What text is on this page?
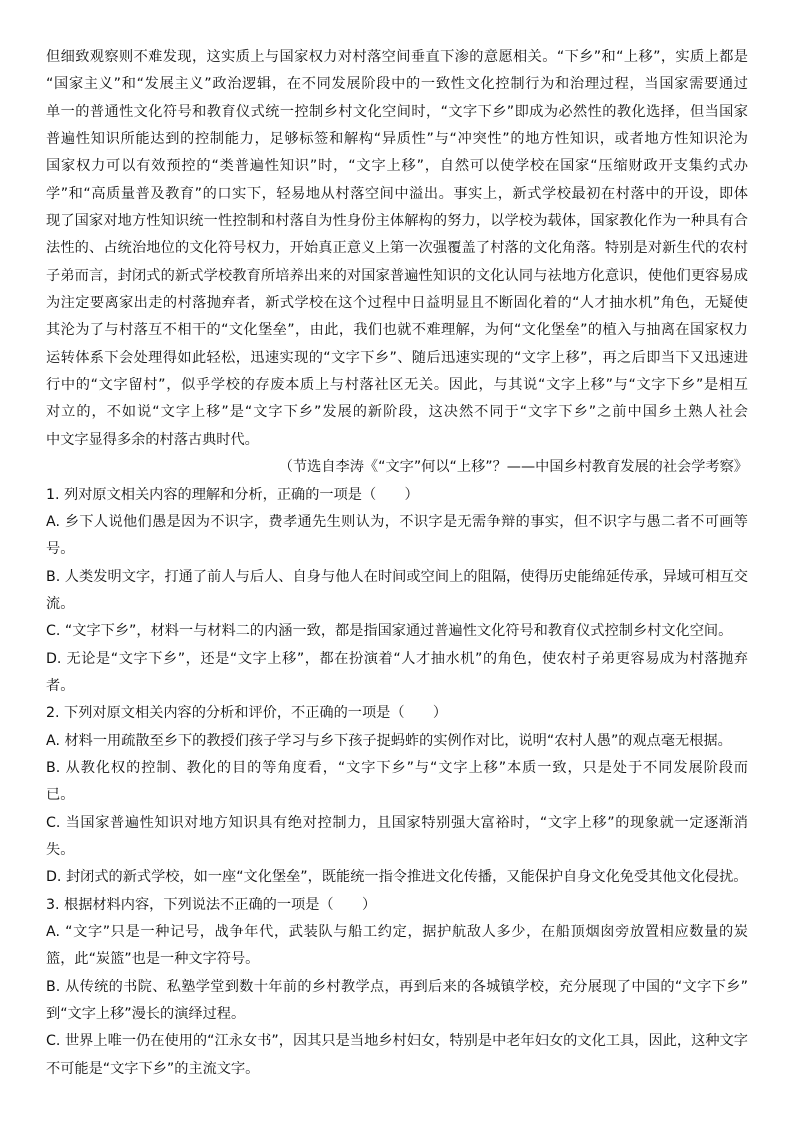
但细致观察则不难发现，这实质上与国家权力对村落空间垂直下渗的意愿相关。“下乡”和“上移”，实质上都是
“国家主义”和“发展主义”政治逻辑，在不同发展阶段中的一致性文化控制行为和治理过程，当国家需要通过
单一的普通性文化符号和教育仪式统一控制乡村文化空间时，“文字下乡”即成为必然性的教化选择，但当国家
普遍性知识所能达到的控制能力，足够标签和解构“异质性”与“冲突性”的地方性知识，或者地方性知识沦为
国家权力可以有效预控的“类普遍性知识”时，“文字上移”，自然可以使学校在国家“压缩财政开支集约式办
学”和“高质量普及教育”的口实下，轻易地从村落空间中溢出。事实上，新式学校最初在村落中的开设，即体
现了国家对地方性知识统一性控制和村落自为性身份主体解构的努力，以学校为载体，国家教化作为一种具有合
法性的、占统治地位的文化符号权力，开始真正意义上第一次强覆盖了村落的文化角落。特别是对新生代的农村
子弟而言，封闭式的新式学校教育所培养出来的对国家普遍性知识的文化认同与祛地方化意识，使他们更容易成
为注定要离家出走的村落抛弃者，新式学校在这个过程中日益明显且不断固化着的“人才抽水机”角色，无疑使
其沦为了与村落互不相干的“文化堡垒”，由此，我们也就不难理解，为何“文化堡垒”的植入与抽离在国家权力
运转体系下会处理得如此轻松，迅速实现的“文字下乡”、随后迅速实现的“文字上移”，再之后即当下又迅速进
行中的“文字留村”，似乎学校的存废本质上与村落社区无关。因此，与其说“文字上移”与“文字下乡”是相互
对立的，不如说“文字上移”是“文字下乡”发展的新阶段，这决然不同于“文字下乡”之前中国乡土熟人社会
中文字显得多余的村落古典时代。
（节选自李涛《“文字”何以“上移”？——中国乡村教育发展的社会学考察》
1. 列对原文相关内容的理解和分析，正确的一项是（　　）
A. 乡下人说他们愚是因为不识字，费孝通先生则认为，不识字是无需争辩的事实，但不识字与愚二者不可画等
号。
B. 人类发明文字，打通了前人与后人、自身与他人在时间或空间上的阻隔，使得历史能绵延传承，异域可相互交
流。
C. “文字下乡”，材料一与材料二的内涵一致，都是指国家通过普遍性文化符号和教育仪式控制乡村文化空间。
D. 无论是“文字下乡”，还是“文字上移”，都在扮演着“人才抽水机”的角色，使农村子弟更容易成为村落抛弃
者。
2. 下列对原文相关内容的分析和评价，不正确的一项是（　　）
A. 材料一用疏散至乡下的教授们孩子学习与乡下孩子捉蚂蚱的实例作对比，说明“农村人愚”的观点毫无根据。
B. 从教化权的控制、教化的目的等角度看，“文字下乡”与“文字上移”本质一致，只是处于不同发展阶段而
已。
C. 当国家普遍性知识对地方知识具有绝对控制力，且国家特别强大富裕时，“文字上移”的现象就一定逐渐消
失。
D. 封闭式的新式学校，如一座“文化堡垒”，既能统一指令推进文化传播，又能保护自身文化免受其他文化侵扰。
3. 根据材料内容，下列说法不正确的一项是（　　）
A. “文字”只是一种记号，战争年代，武装队与船工约定，据护航敌人多少，在船顶烟囱旁放置相应数量的炭
篮，此“炭篮”也是一种文字符号。
B. 从传统的书院、私塾学堂到数十年前的乡村教学点，再到后来的各城镇学校，充分展现了中国的“文字下乡”
到“文字上移”漫长的演绎过程。
C. 世界上唯一仍在使用的“江永女书”，因其只是当地乡村妇女，特别是中老年妇女的文化工具，因此，这种文字
不可能是“文字下乡”的主流文字。
